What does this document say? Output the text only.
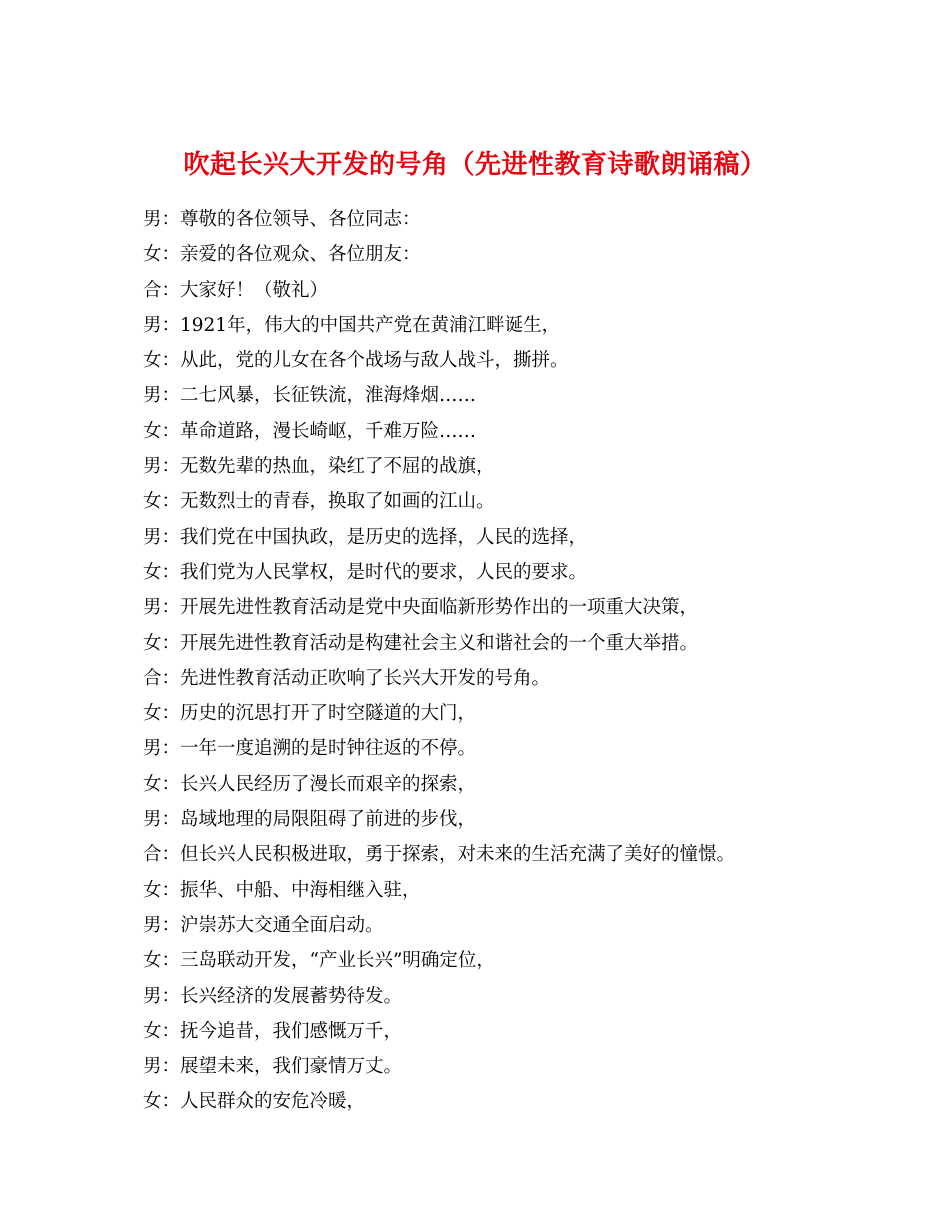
吹起长兴大开发的号角（先进性教育诗歌朗诵稿）
男：尊敬的各位领导、各位同志：
女：亲爱的各位观众、各位朋友：
合：大家好！（敬礼）
男：1921年，伟大的中国共产党在黄浦江畔诞生，
女：从此，党的儿女在各个战场与敌人战斗，撕拼。
男：二七风暴，长征铁流，淮海烽烟……
女：革命道路，漫长崎岖，千难万险……
男：无数先辈的热血，染红了不屈的战旗，
女：无数烈士的青春，换取了如画的江山。
男：我们党在中国执政，是历史的选择，人民的选择，
女：我们党为人民掌权，是时代的要求，人民的要求。
男：开展先进性教育活动是党中央面临新形势作出的一项重大决策，
女：开展先进性教育活动是构建社会主义和谐社会的一个重大举措。
合：先进性教育活动正吹响了长兴大开发的号角。
女：历史的沉思打开了时空隧道的大门，
男：一年一度追溯的是时钟往返的不停。
女：长兴人民经历了漫长而艰辛的探索，
男：岛域地理的局限阻碍了前进的步伐，
合：但长兴人民积极进取，勇于探索，对未来的生活充满了美好的憧憬。
女：振华、中船、中海相继入驻，
男：沪崇苏大交通全面启动。
女：三岛联动开发，“产业长兴”明确定位，
男：长兴经济的发展蓄势待发。
女：抚今追昔，我们感慨万千，
男：展望未来，我们豪情万丈。
女：人民群众的安危冷暖，
